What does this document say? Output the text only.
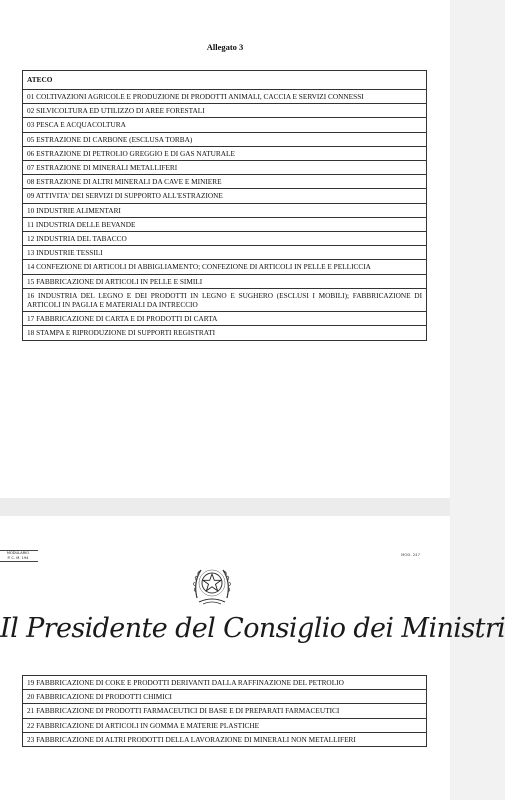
Allegato 3
ATECO
01 COLTIVAZIONI AGRICOLE E PRODUZIONE DI PRODOTTI ANIMALI, CACCIA E SERVIZI CONNESSI
02 SILVICOLTURA ED UTILIZZO DI AREE FORESTALI
03 PESCA E ACQUACOLTURA
05 ESTRAZIONE DI CARBONE (ESCLUSA TORBA)
06 ESTRAZIONE DI PETROLIO GREGGIO E DI GAS NATURALE
07 ESTRAZIONE DI MINERALI METALLIFERI
08 ESTRAZIONE DI ALTRI MINERALI DA CAVE E MINIERE
09 ATTIVITA' DEI SERVIZI DI SUPPORTO ALL'ESTRAZIONE
10 INDUSTRIE ALIMENTARI
11 INDUSTRIA DELLE BEVANDE
12 INDUSTRIA DEL TABACCO
13 INDUSTRIE TESSILI
14 CONFEZIONE DI ARTICOLI DI ABBIGLIAMENTO; CONFEZIONE DI ARTICOLI IN PELLE E PELLICCIA
15 FABBRICAZIONE DI ARTICOLI IN PELLE E SIMILI
16 INDUSTRIA DEL LEGNO E DEI PRODOTTI IN LEGNO E SUGHERO (ESCLUSI I MOBILI); FABBRICAZIONE DI ARTICOLI IN PAGLIA E MATERIALI DA INTRECCIO
17 FABBRICAZIONE DI CARTA E DI PRODOTTI DI CARTA
18 STAMPA E RIPRODUZIONE DI SUPPORTI REGISTRATI
MODULARIO
P. C. M. 194
MOD. 247
Il Presidente del Consiglio dei Ministri
19 FABBRICAZIONE DI COKE E PRODOTTI DERIVANTI DALLA RAFFINAZIONE DEL PETROLIO
20 FABBRICAZIONE DI PRODOTTI CHIMICI
21 FABBRICAZIONE DI PRODOTTI FARMACEUTICI DI BASE E DI PREPARATI FARMACEUTICI
22 FABBRICAZIONE DI ARTICOLI IN GOMMA E MATERIE PLASTICHE
23 FABBRICAZIONE DI ALTRI PRODOTTI DELLA LAVORAZIONE DI MINERALI NON METALLIFERI
